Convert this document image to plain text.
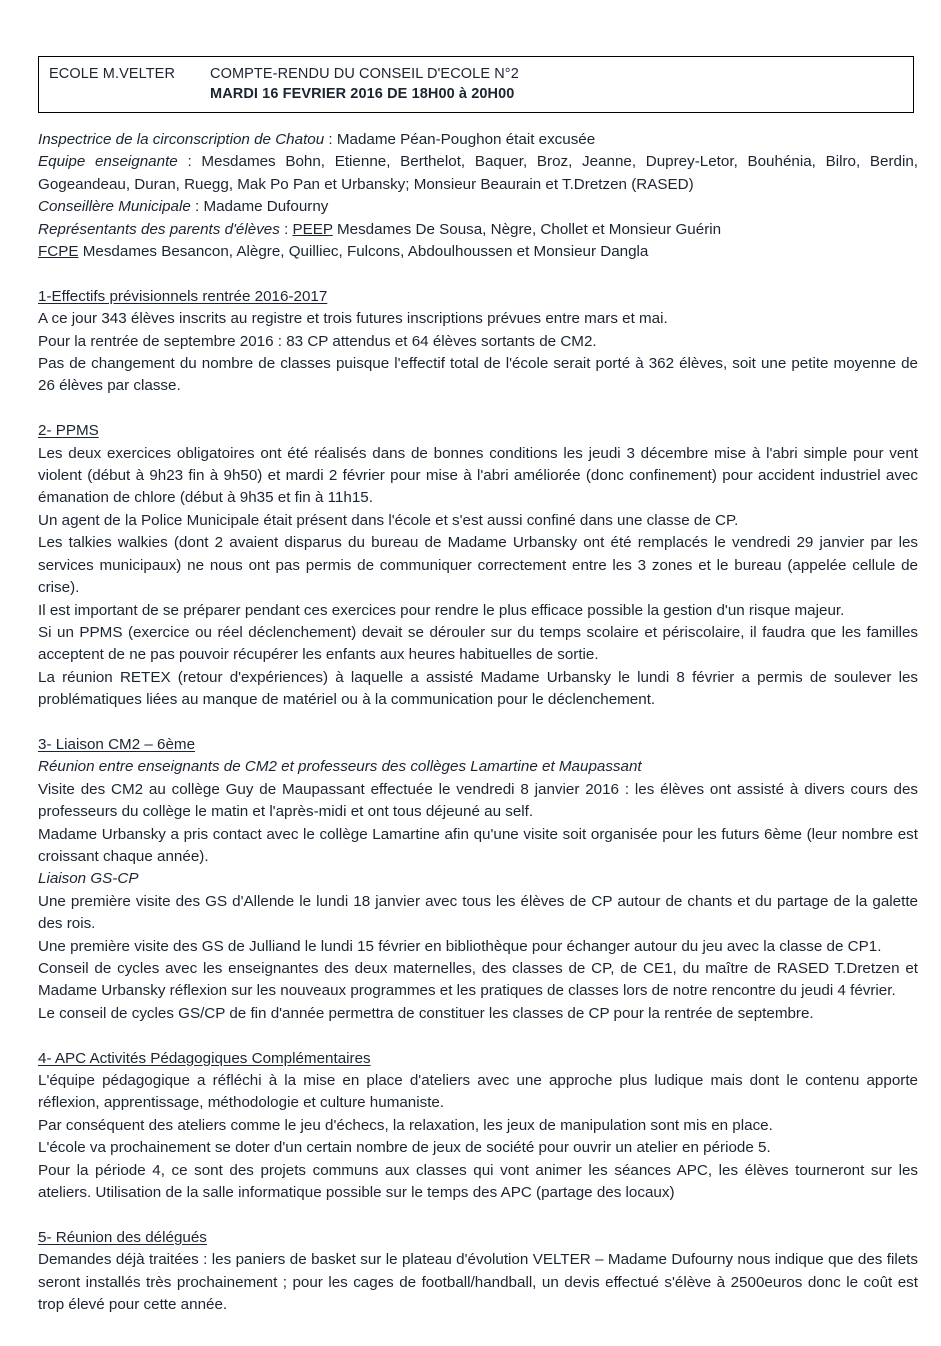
ECOLE M.VELTER COMPTE-RENDU DU CONSEIL D'ECOLE N°2
MARDI 16 FEVRIER 2016 DE 18H00 à 20H00

Inspectrice de la circonscription de Chatou : Madame Péan-Poughon était excusée

Equipe enseignante : Mesdames Bohn, Etienne, Berthelot, Baquer, Broz, Jeanne, Duprey-Letor, Bouhénia, Bilro, Berdin, Gogeandeau, Duran, Ruegg, Mak Po Pan et Urbansky; Monsieur Beaurain et T.Dretzen (RASED)

Conseillère Municipale : Madame Dufourny

Représentants des parents d'élèves : PEEP Mesdames De Sousa, Nègre, Chollet et Monsieur Guérin

FCPE Mesdames Besancon, Alègre, Quilliec, Fulcons, Abdoulhoussen et Monsieur Dangla

1-Effectifs prévisionnels rentrée 2016-2017

A ce jour 343 élèves inscrits au registre et trois futures inscriptions prévues entre mars et mai.

Pour la rentrée de septembre 2016 : 83 CP attendus et 64 élèves sortants de CM2.

Pas de changement du nombre de classes puisque l'effectif total de l'école serait porté à 362 élèves, soit une petite moyenne de 26 élèves par classe.

2- PPMS

Les deux exercices obligatoires ont été réalisés dans de bonnes conditions les jeudi 3 décembre mise à l'abri simple pour vent violent (début à 9h23 fin à 9h50) et mardi 2 février pour mise à l'abri améliorée (donc confinement) pour accident industriel avec émanation de chlore (début à 9h35 et fin à 11h15.

Un agent de la Police Municipale était présent dans l'école et s'est aussi confiné dans une classe de CP.

Les talkies walkies (dont 2 avaient disparus du bureau de Madame Urbansky ont été remplacés le vendredi 29 janvier par les services municipaux) ne nous ont pas permis de communiquer correctement entre les 3 zones et le bureau (appelée cellule de crise).

Il est important de se préparer pendant ces exercices pour rendre le plus efficace possible la gestion d'un risque majeur.

Si un PPMS (exercice ou réel déclenchement) devait se dérouler sur du temps scolaire et périscolaire, il faudra que les familles acceptent de ne pas pouvoir récupérer les enfants aux heures habituelles de sortie.

La réunion RETEX (retour d'expériences) à laquelle a assisté Madame Urbansky le lundi 8 février a permis de soulever les problématiques liées au manque de matériel ou à la communication pour le déclenchement.

3- Liaison CM2 – 6ème

Réunion entre enseignants de CM2 et professeurs des collèges Lamartine et Maupassant

Visite des CM2 au collège Guy de Maupassant effectuée le vendredi 8 janvier 2016 : les élèves ont assisté à divers cours des professeurs du collège le matin et l'après-midi et ont tous déjeuné au self.

Madame Urbansky a pris contact avec le collège Lamartine afin qu'une visite soit organisée pour les futurs 6ème (leur nombre est croissant chaque année).

Liaison GS-CP

Une première visite des GS d'Allende le lundi 18 janvier avec tous les élèves de CP autour de chants et du partage de la galette des rois.

Une première visite des GS de Julliand le lundi 15 février en bibliothèque pour échanger autour du jeu avec la classe de CP1.

Conseil de cycles avec les enseignantes des deux maternelles, des classes de CP, de CE1, du maître de RASED T.Dretzen et Madame Urbansky réflexion sur les nouveaux programmes et les pratiques de classes lors de notre rencontre du jeudi 4 février.

Le conseil de cycles GS/CP de fin d'année permettra de constituer les classes de CP pour la rentrée de septembre.

4- APC Activités Pédagogiques Complémentaires

L'équipe pédagogique a réfléchi à la mise en place d'ateliers avec une approche plus ludique mais dont le contenu apporte réflexion, apprentissage, méthodologie et culture humaniste.

Par conséquent des ateliers comme le jeu d'échecs, la relaxation, les jeux de manipulation sont mis en place.

L'école va prochainement se doter d'un certain nombre de jeux de société pour ouvrir un atelier en période 5.

Pour la période 4, ce sont des projets communs aux classes qui vont animer les séances APC, les élèves tourneront sur les ateliers. Utilisation de la salle informatique possible sur le temps des APC (partage des locaux)

5- Réunion des délégués

Demandes déjà traitées : les paniers de basket sur le plateau d'évolution VELTER – Madame Dufourny nous indique que des filets seront installés très prochainement ; pour les cages de football/handball, un devis effectué s'élève à 2500euros donc le coût est trop élevé pour cette année.
